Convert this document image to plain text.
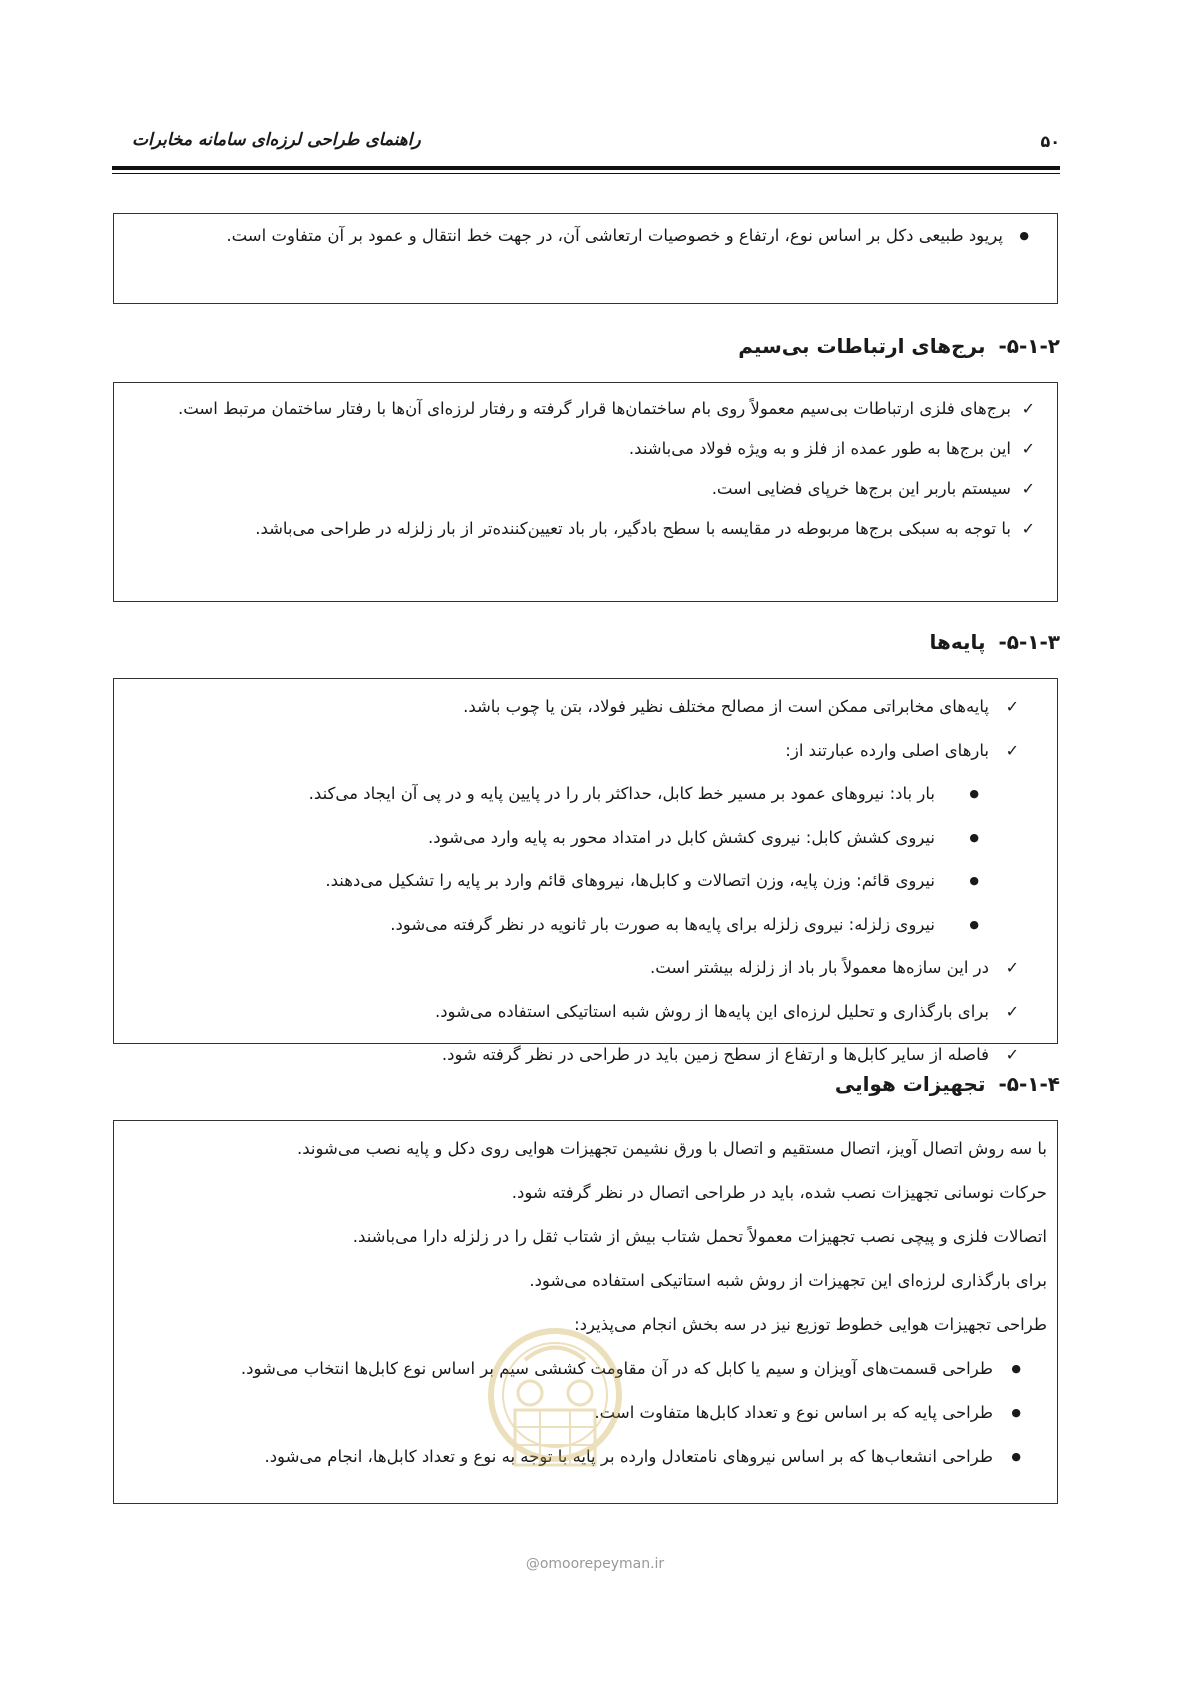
۵۰
راهنمای طراحی لرزه‌ای سامانه مخابرات

●
پریود طبیعی دکل بر اساس نوع، ارتفاع و خصوصیات ارتعاشی آن، در جهت خط انتقال و عمود بر آن متفاوت است.

۵-۱-۲- برج‌های ارتباطات بی‌سیم

✓
برج‌های فلزی ارتباطات بی‌سیم معمولاً روی بام ساختمان‌ها قرار گرفته و رفتار لرزه‌ای آن‌ها با رفتار ساختمان مرتبط است.

✓
این برج‌ها به طور عمده از فلز و به ویژه فولاد می‌باشند.

✓
سیستم باربر این برج‌ها خرپای فضایی است.

✓
با توجه به سبکی برج‌ها مربوطه در مقایسه با سطح بادگیر، بار باد تعیین‌کننده‌تر از بار زلزله در طراحی می‌باشد.

۵-۱-۳- پایه‌ها

✓
پایه‌های مخابراتی ممکن است از مصالح مختلف نظیر فولاد، بتن یا چوب باشد.

✓
بارهای اصلی وارده عبارتند از:

●
بار باد: نیروهای عمود بر مسیر خط کابل، حداکثر بار را در پایین پایه و در پی آن ایجاد می‌کند.

●
نیروی کشش کابل: نیروی کشش کابل در امتداد محور به پایه وارد می‌شود.

●
نیروی قائم: وزن پایه، وزن اتصالات و کابل‌ها، نیروهای قائم وارد بر پایه را تشکیل می‌دهند.

●
نیروی زلزله: نیروی زلزله برای پایه‌ها به صورت بار ثانویه در نظر گرفته می‌شود.

✓
در این سازه‌ها معمولاً بار باد از زلزله بیشتر است.

✓
برای بارگذاری و تحلیل لرزه‌ای این پایه‌ها از روش شبه استاتیکی استفاده می‌شود.

✓
فاصله از سایر کابل‌ها و ارتفاع از سطح زمین باید در طراحی در نظر گرفته شود.

۵-۱-۴- تجهیزات هوایی

با سه روش اتصال آویز، اتصال مستقیم و اتصال با ورق نشیمن تجهیزات هوایی روی دکل و پایه نصب می‌شوند.

حرکات نوسانی تجهیزات نصب شده، باید در طراحی اتصال در نظر گرفته شود.

اتصالات فلزی و پیچی نصب تجهیزات معمولاً تحمل شتاب بیش از شتاب ثقل را در زلزله دارا می‌باشند.

برای بارگذاری لرزه‌ای این تجهیزات از روش شبه استاتیکی استفاده می‌شود.

طراحی تجهیزات هوایی خطوط توزیع نیز در سه بخش انجام می‌پذیرد:

●
طراحی قسمت‌های آویزان و سیم یا کابل که در آن مقاومت کششی سیم بر اساس نوع کابل‌ها انتخاب می‌شود.

●
طراحی پایه که بر اساس نوع و تعداد کابل‌ها متفاوت است.

●
طراحی انشعاب‌ها که بر اساس نیروهای نامتعادل وارده بر پایه با توجه به نوع و تعداد کابل‌ها، انجام می‌شود.

@omoorepeyman.ir
